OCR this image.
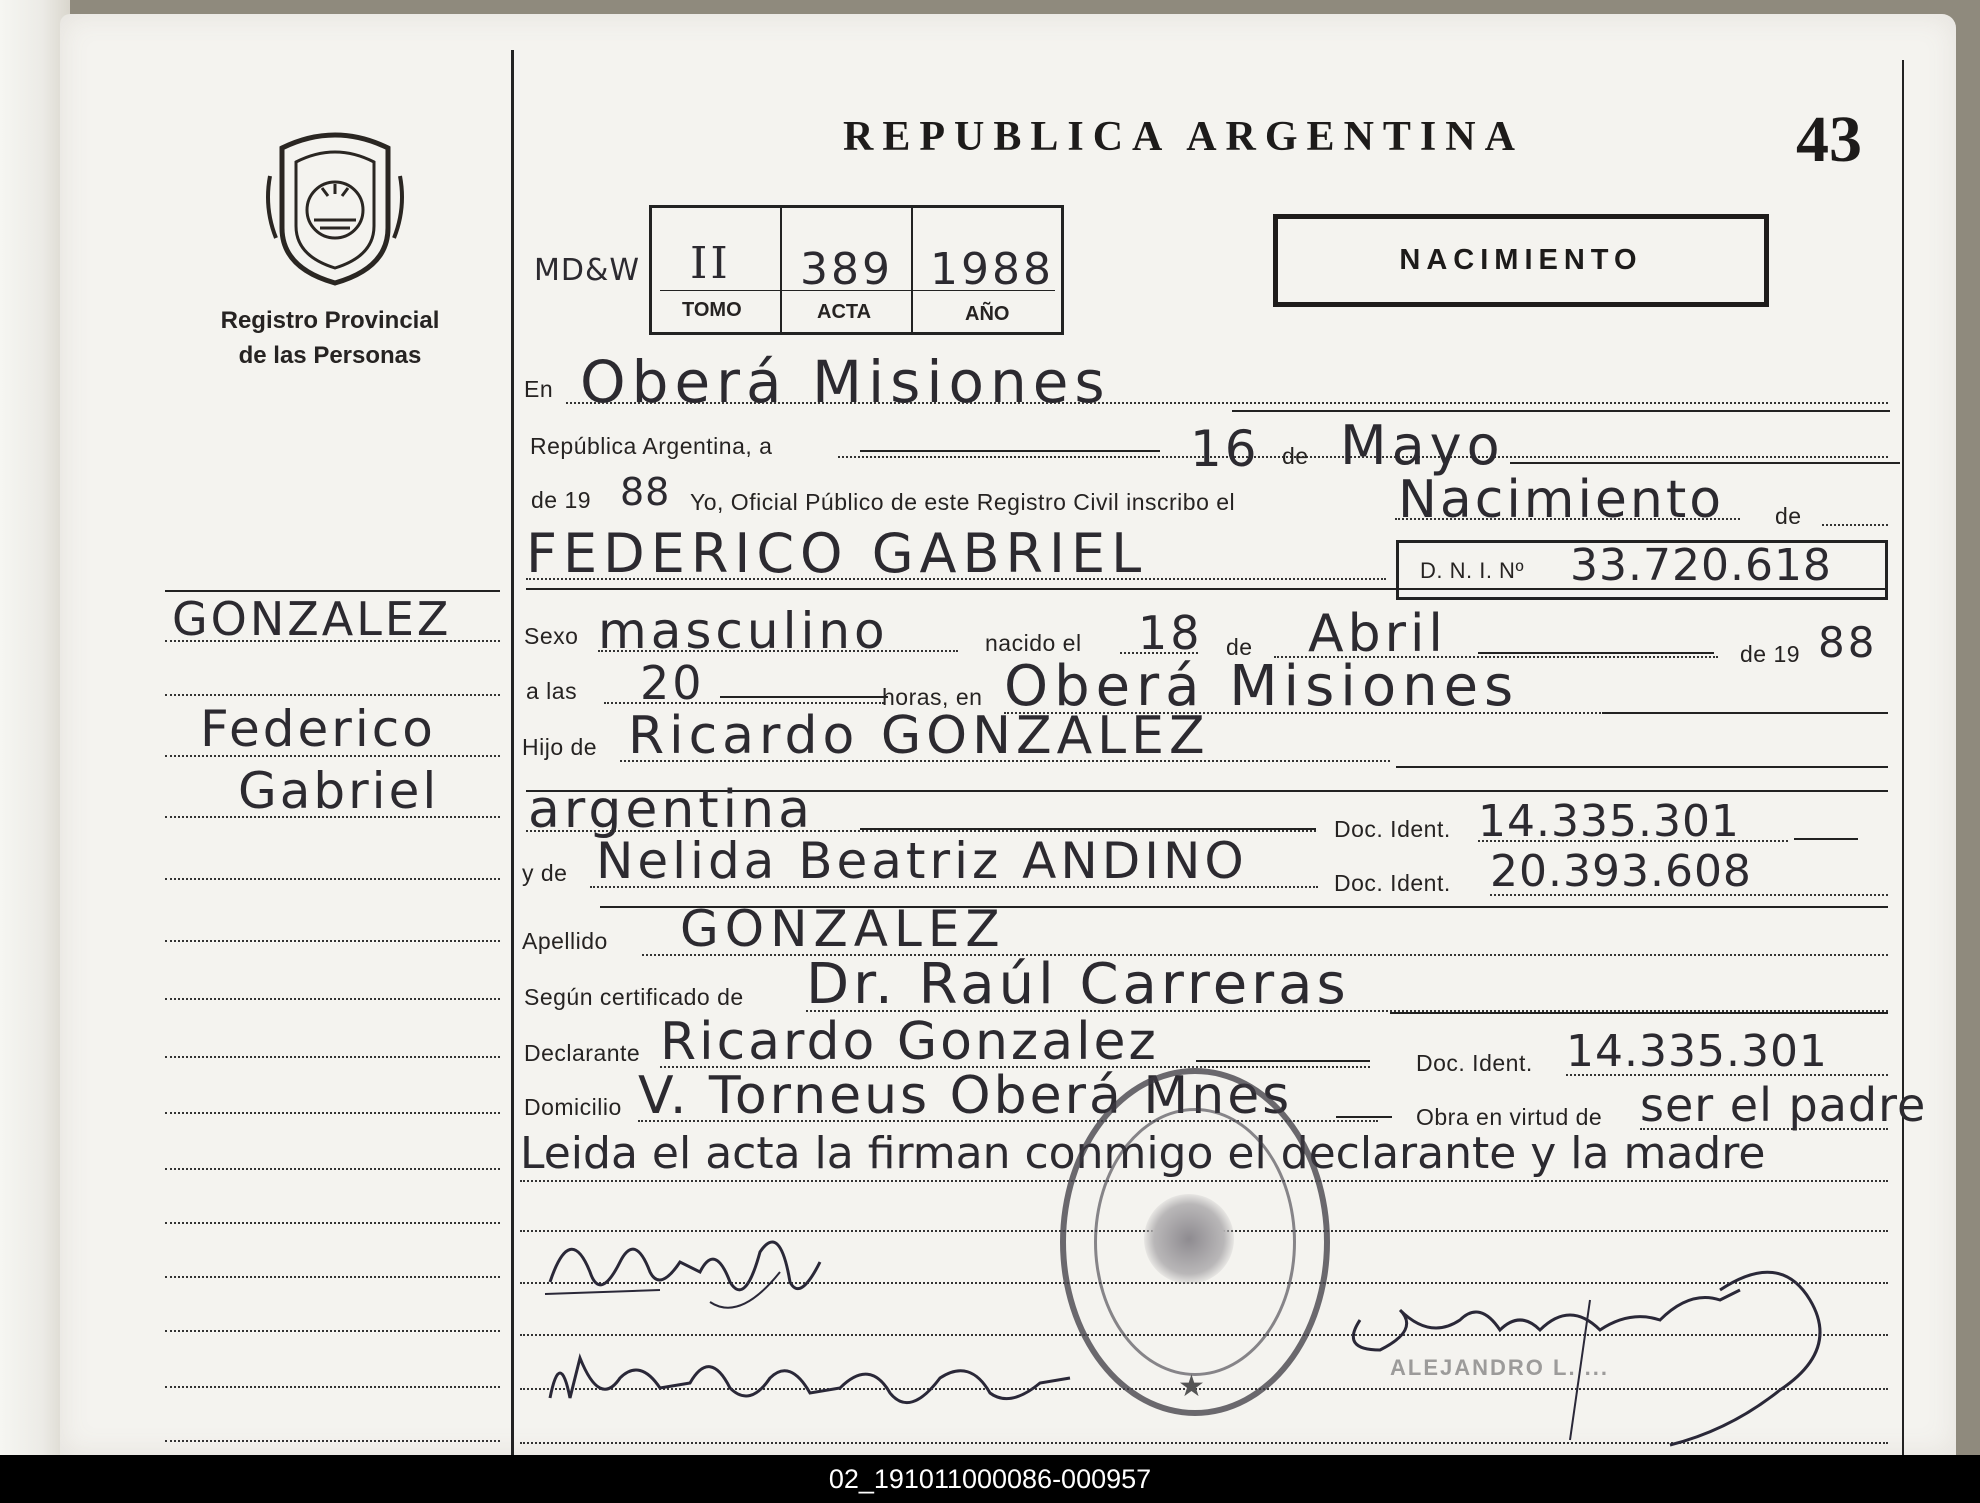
Registro Provincial
de las Personas
GONZALEZ
Federico
Gabriel
REPUBLICA ARGENTINA	43
MD&W II 389 1988
TOMO	ACTA	AÑO
NACIMIENTO
En Oberá Misiones
República Argentina, a	16 de Mayo
de 19 88 Yo, Oficial Público de este Registro Civil inscribo el	Nacimiento de
FEDERICO GABRIEL	D. N. I. Nº 33.720.618
Sexo masculino	nacido el 18 de Abril	de 19 88
a las 20	horas, en Oberá Misiones
Hijo de Ricardo GONZALEZ
argentina	Doc. Ident. 14.335.301
y de Nelida Beatriz ANDINO	Doc. Ident. 20.393.608
Apellido GONZALEZ
Según certificado de Dr. Raúl Carreras
Declarante Ricardo Gonzalez	Doc. Ident. 14.335.301
Domicilio V. Torneus Oberá Mnes	Obra en virtud de ser el padre
Leida el acta la firman conmigo el declarante y la madre
★
ALEJANDRO L. ...
02_191011000086-000957
